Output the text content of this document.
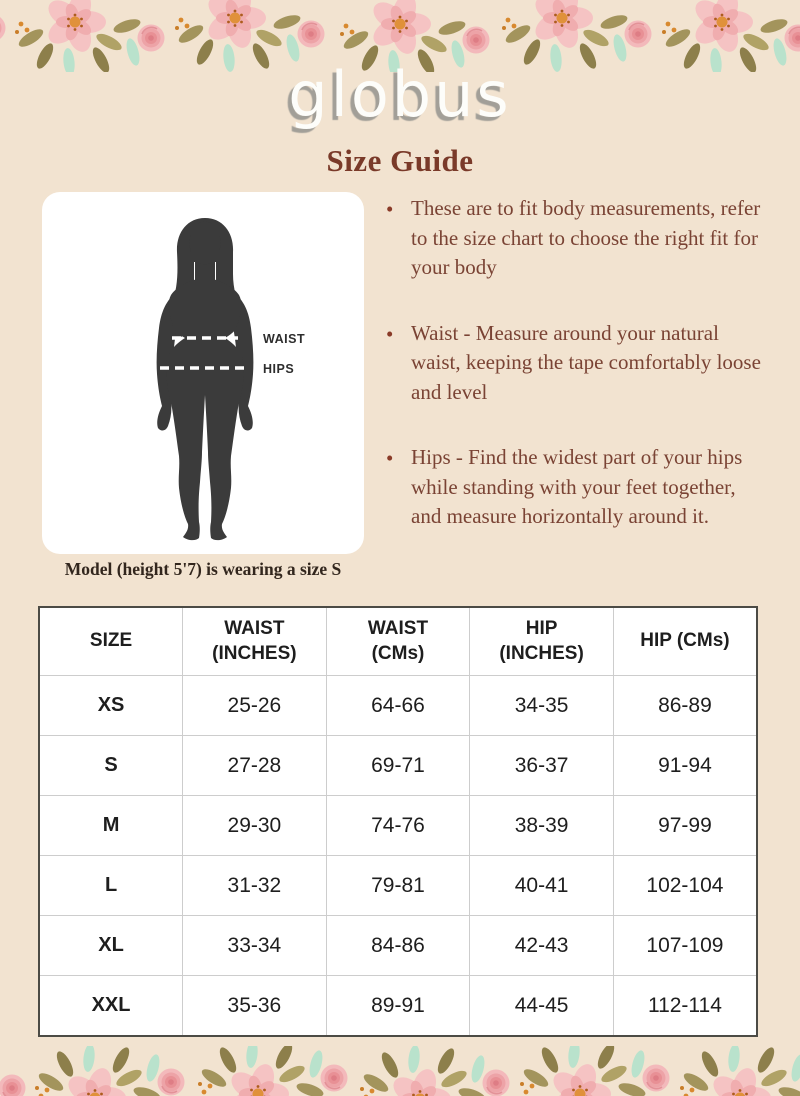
globus
Size Guide
WAIST
HIPS
Model (height 5'7) is wearing a size S
• These are to fit body measurements, refer to the size chart to choose the right fit for your body
• Waist - Measure around your natural waist, keeping the tape comfortably loose and level
• Hips - Find the widest part of your hips while standing with your feet together, and measure horizontally around it.
SIZE	WAIST (INCHES)	WAIST (CMs)	HIP (INCHES)	HIP (CMs)
XS	25-26	64-66	34-35	86-89
S	27-28	69-71	36-37	91-94
M	29-30	74-76	38-39	97-99
L	31-32	79-81	40-41	102-104
XL	33-34	84-86	42-43	107-109
XXL	35-36	89-91	44-45	112-114
